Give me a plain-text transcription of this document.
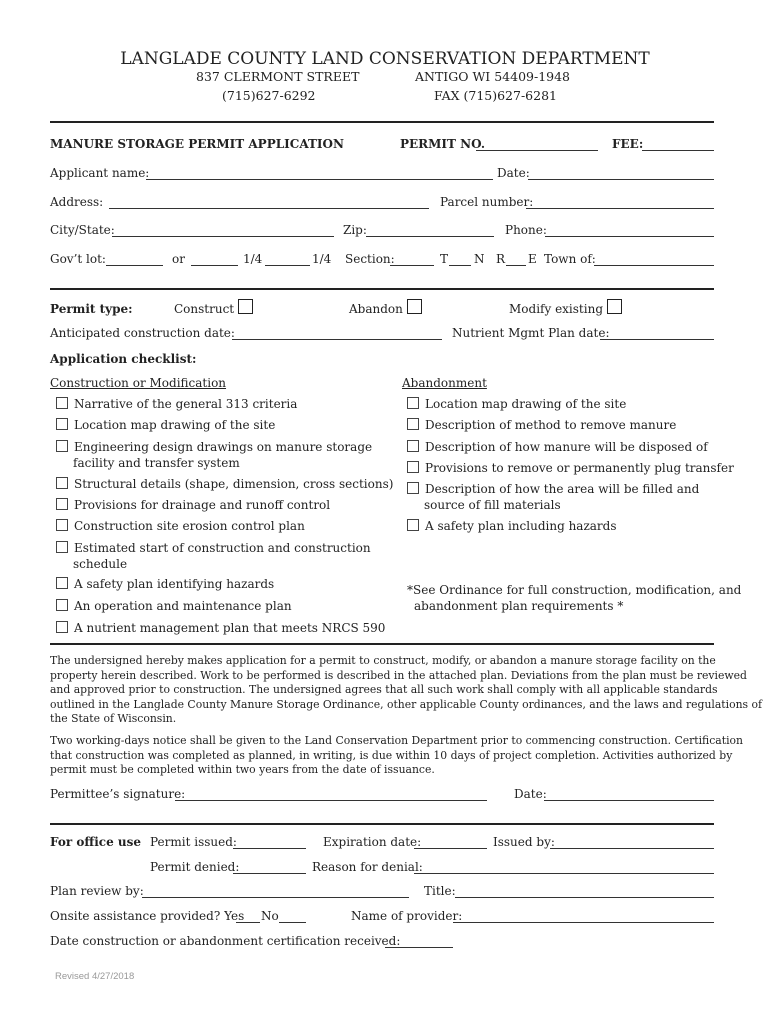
LANGLADE COUNTY LAND CONSERVATION DEPARTMENT
837 CLERMONT STREET	ANTIGO WI 54409-1948
(715)627-6292	FAX (715)627-6281
MANURE STORAGE PERMIT APPLICATION	PERMIT NO.	FEE:
Applicant name:	Date:
Address:	Parcel number:
City/State:	Zip:	Phone:
Gov’t lot:	or	1/4	1/4 Section:	T N R E Town of:
Permit type:	Construct	Abandon	Modify existing
Anticipated construction date:	Nutrient Mgmt Plan date:
Application checklist:
Construction or Modification
Narrative of the general 313 criteria
Location map drawing of the site
Engineering design drawings on manure storage
facility and transfer system
Structural details (shape, dimension, cross sections)
Provisions for drainage and runoff control
Construction site erosion control plan
Estimated start of construction and construction
schedule
A safety plan identifying hazards
An operation and maintenance plan
A nutrient management plan that meets NRCS 590
Abandonment
Location map drawing of the site
Description of method to remove manure
Description of how manure will be disposed of
Provisions to remove or permanently plug transfer
Description of how the area will be filled and
source of fill materials
A safety plan including hazards
*See Ordinance for full construction, modification, and
abandonment plan requirements *
The undersigned hereby makes application for a permit to construct, modify, or abandon a manure storage facility on the
property herein described. Work to be performed is described in the attached plan. Deviations from the plan must be reviewed
and approved prior to construction. The undersigned agrees that all such work shall comply with all applicable standards
outlined in the Langlade County Manure Storage Ordinance, other applicable County ordinances, and the laws and regulations of
the State of Wisconsin.
Two working-days notice shall be given to the Land Conservation Department prior to commencing construction. Certification
that construction was completed as planned, in writing, is due within 10 days of project completion. Activities authorized by
permit must be completed within two years from the date of issuance.
Permittee’s signature:	Date:
For office use Permit issued:	Expiration date:	Issued by:
Permit denied:	Reason for denial:
Plan review by:	Title:
Onsite assistance provided? Yes No	Name of provider:
Date construction or abandonment certification received:
Revised 4/27/2018
